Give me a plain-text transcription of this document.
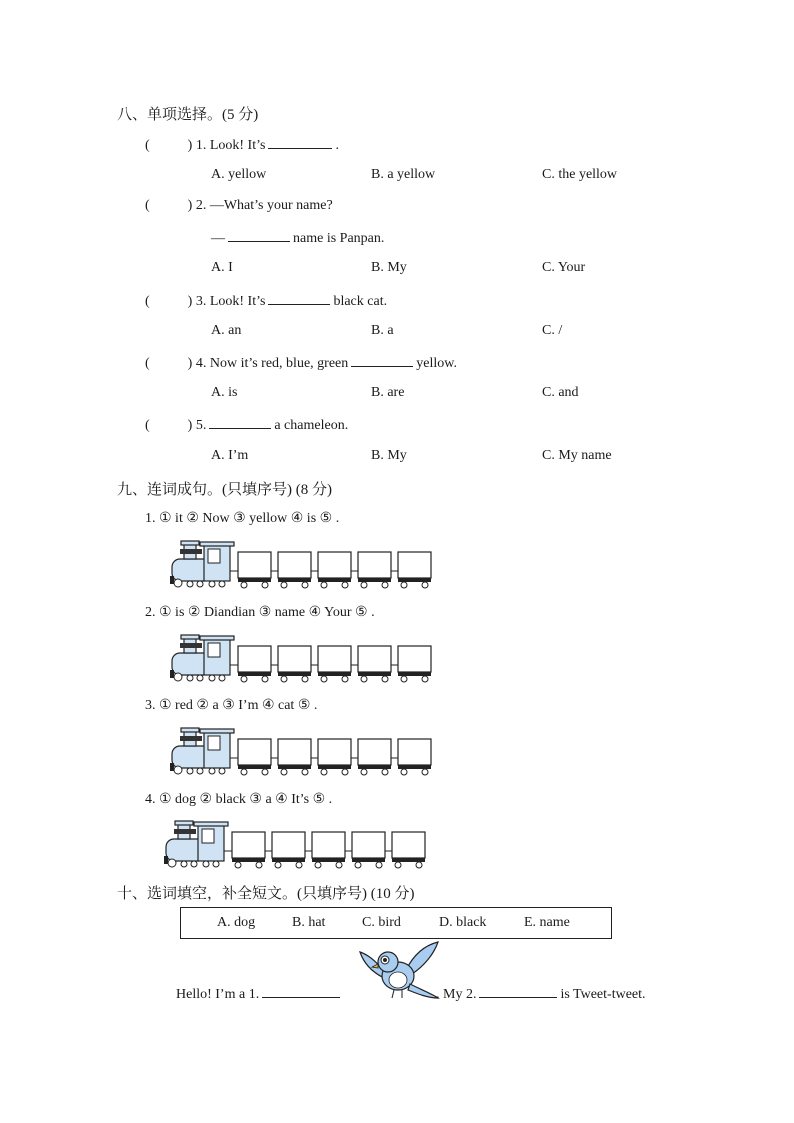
八、单项选择。(5 分)
(	) 1. Look! It’s	.
A. yellow	B. a yellow	C. the yellow
(	) 2. —What’s your name?
—	name is Panpan.
A. I	B. My	C. Your
(	) 3. Look! It’s	black cat.
A. an	B. a	C. /
(	) 4. Now it’s red, blue, green	yellow.
A. is	B. are	C. and
(	) 5.	a chameleon.
A. I’m	B. My	C. My name
九、连词成句。(只填序号) (8 分)
1. ① it ② Now ③ yellow ④ is ⑤ .
2. ① is ② Diandian ③ name ④ Your ⑤ .
3. ① red ② a ③ I’m ④ cat ⑤ .
4. ① dog ② black ③ a ④ It’s ⑤ .
十、选词填空，补全短文。(只填序号) (10 分)
A. dog	B. hat	C. bird	D. black	E. name
Hello! I’m a 1.	. My 2.	is Tweet-tweet.
